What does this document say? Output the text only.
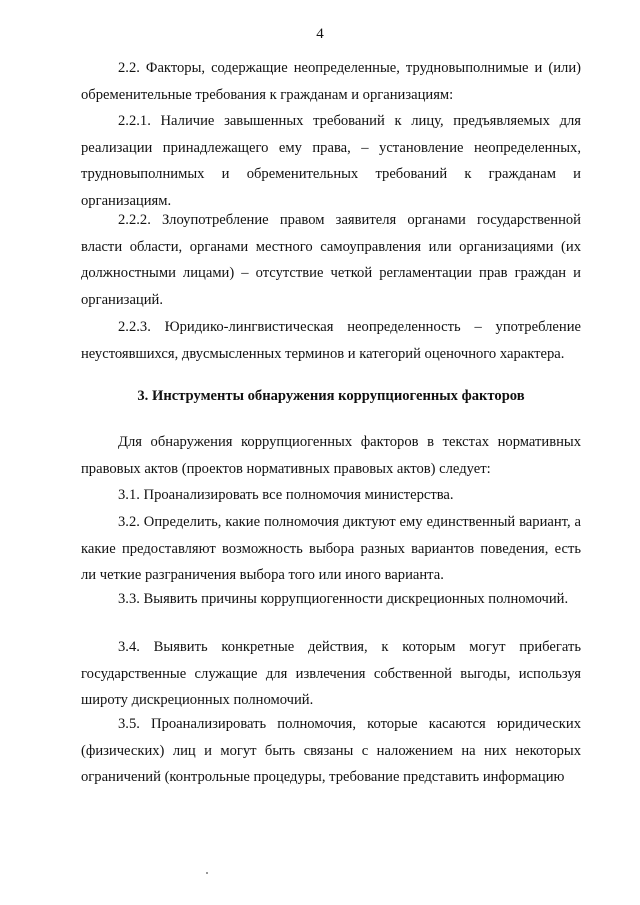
4

2.2. Факторы, содержащие неопределенные, трудновыполнимые и (или) обременительные требования к гражданам и организациям:

2.2.1. Наличие завышенных требований к лицу, предъявляемых для реализации принадлежащего ему права, – установление неопределенных, трудновыполнимых и обременительных требований к гражданам и организациям.

2.2.2. Злоупотребление правом заявителя органами государственной власти области, органами местного самоуправления или организациями (их должностными лицами) – отсутствие четкой регламентации прав граждан и организаций.

2.2.3. Юридико-лингвистическая неопределенность – употребление неустоявшихся, двусмысленных терминов и категорий оценочного характера.

3. Инструменты обнаружения коррупциогенных факторов

Для обнаружения коррупциогенных факторов в текстах нормативных правовых актов (проектов нормативных правовых актов) следует:

3.1. Проанализировать все полномочия министерства.

3.2. Определить, какие полномочия диктуют ему единственный вариант, а какие предоставляют возможность выбора разных вариантов поведения, есть ли четкие разграничения выбора того или иного варианта.

3.3. Выявить причины коррупциогенности дискреционных полномочий.

3.4. Выявить конкретные действия, к которым могут прибегать государственные служащие для извлечения собственной выгоды, используя широту дискреционных полномочий.

3.5. Проанализировать полномочия, которые касаются юридических (физических) лиц и могут быть связаны с наложением на них некоторых ограничений (контрольные процедуры, требование представить информацию
